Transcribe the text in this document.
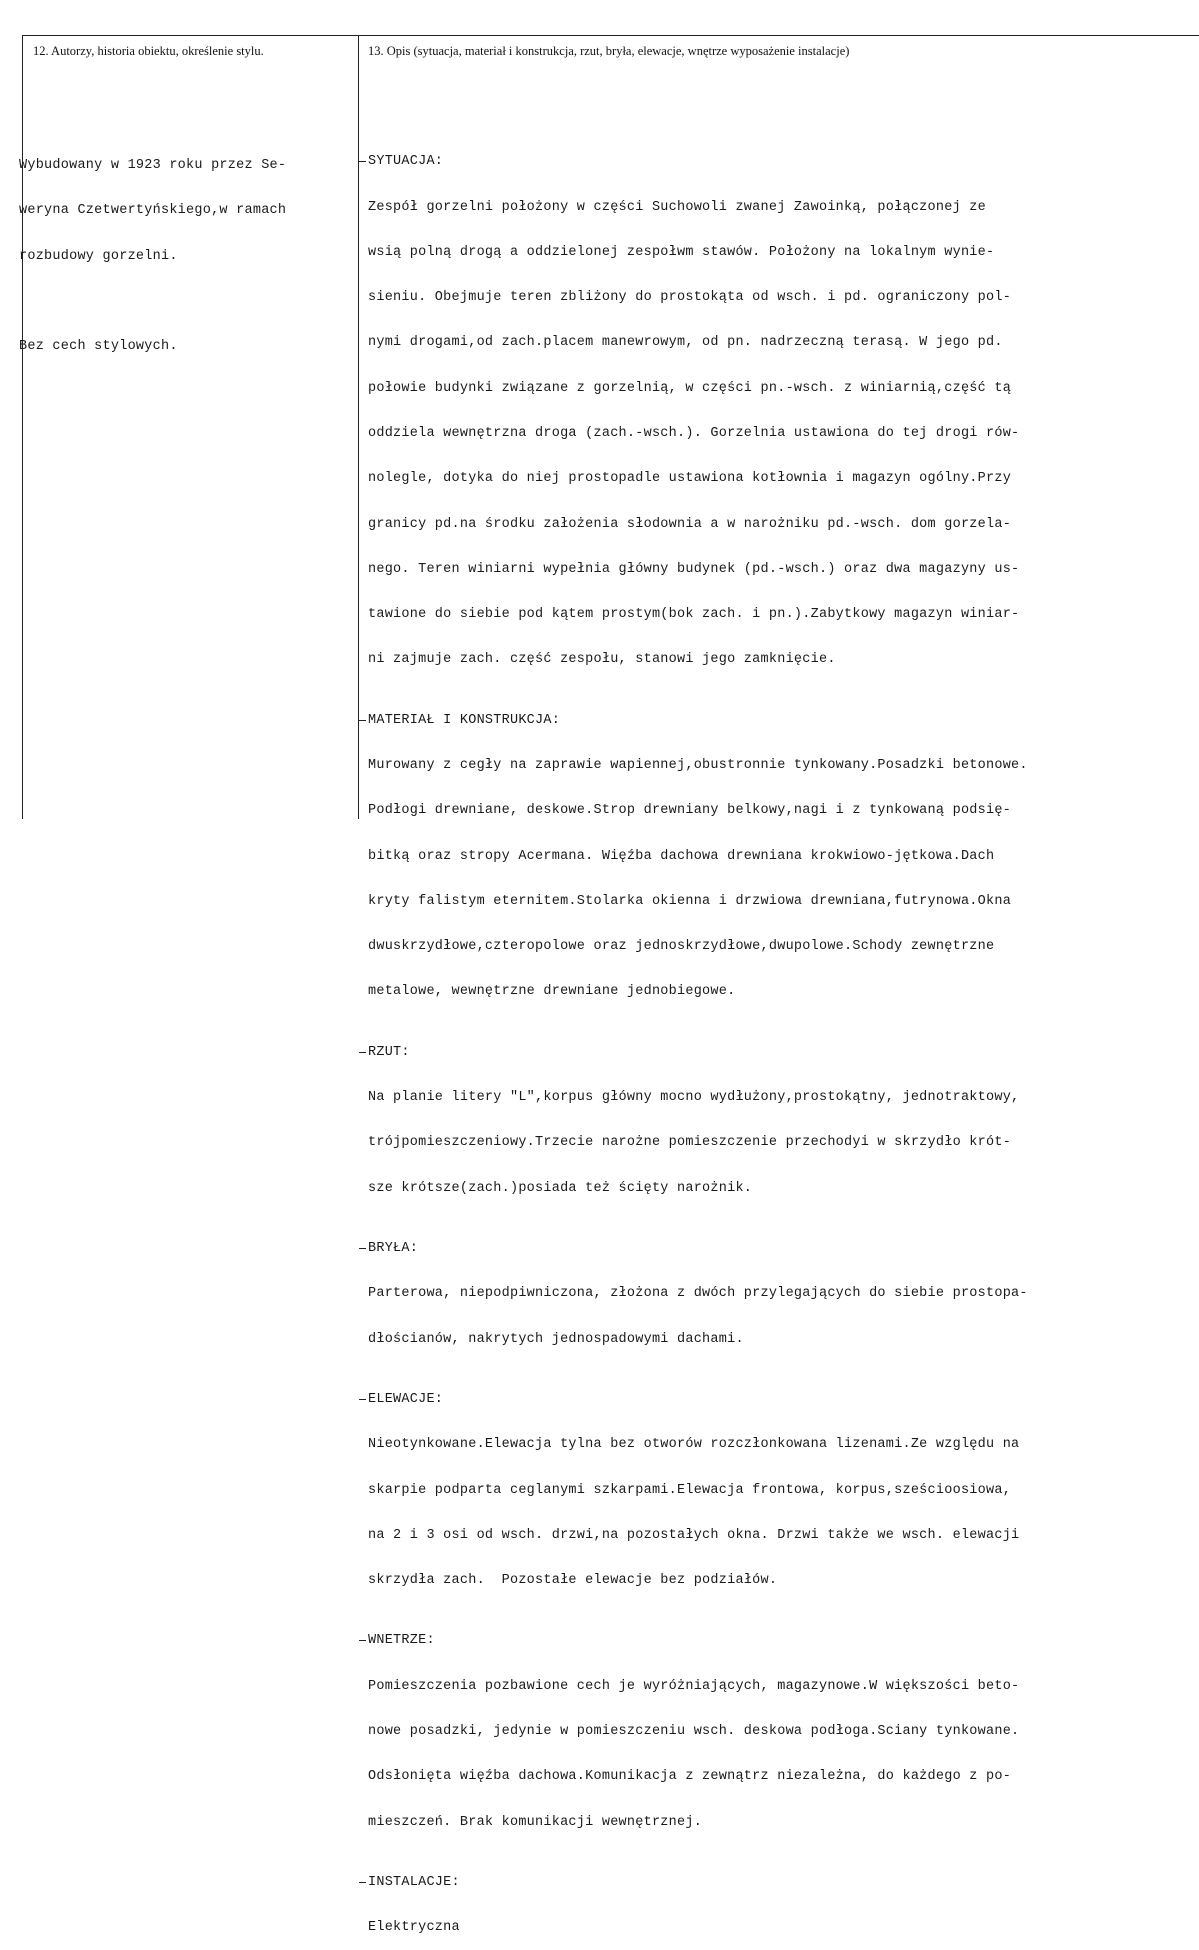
12. Autorzy, historia obiektu, określenie stylu.	13. Opis (sytuacja, materiał i konstrukcja, rzut, bryła, elewacje, wnętrze wyposażenie instalacje)

Wybudowany w 1923 roku przez Se-

weryna Czetwertyńskiego,w ramach

rozbudowy gorzelni.

Bez cech stylowych.

SYTUACJA:

Zespół gorzelni położony w części Suchowoli zwanej Zawoinką, połączonej ze

wsią polną drogą a oddzielonej zespołwm stawów. Położony na lokalnym wynie-

sieniu. Obejmuje teren zbliżony do prostokąta od wsch. i pd. ograniczony pol-

nymi drogami,od zach.placem manewrowym, od pn. nadrzeczną terasą. W jego pd.

połowie budynki związane z gorzelnią, w części pn.-wsch. z winiarnią,część tą

oddziela wewnętrzna droga (zach.-wsch.). Gorzelnia ustawiona do tej drogi rów-

nolegle, dotyka do niej prostopadle ustawiona kotłownia i magazyn ogólny.Przy

granicy pd.na środku założenia słodownia a w narożniku pd.-wsch. dom gorzela-

nego. Teren winiarni wypełnia główny budynek (pd.-wsch.) oraz dwa magazyny us-

tawione do siebie pod kątem prostym(bok zach. i pn.).Zabytkowy magazyn winiar-

ni zajmuje zach. część zespołu, stanowi jego zamknięcie.

MATERIAŁ I KONSTRUKCJA:

Murowany z cegły na zaprawie wapiennej,obustronnie tynkowany.Posadzki betonowe.

Podłogi drewniane, deskowe.Strop drewniany belkowy,nagi i z tynkowaną podsię-

bitką oraz stropy Acermana. Więźba dachowa drewniana krokwiowo-jętkowa.Dach

kryty falistym eternitem.Stolarka okienna i drzwiowa drewniana,futrynowa.Okna

dwuskrzydłowe,czteropolowe oraz jednoskrzydłowe,dwupolowe.Schody zewnętrzne

metalowe, wewnętrzne drewniane jednobiegowe.

RZUT:

Na planie litery "L",korpus główny mocno wydłużony,prostokątny, jednotraktowy,

trójpomieszczeniowy.Trzecie narożne pomieszczenie przechodyi w skrzydło krót-

sze krótsze(zach.)posiada też ścięty narożnik.

BRYŁA:

Parterowa, niepodpiwniczona, złożona z dwóch przylegających do siebie prostopa-

dłościanów, nakrytych jednospadowymi dachami.

ELEWACJE:

Nieotynkowane.Elewacja tylna bez otworów rozczłonkowana lizenami.Ze względu na

skarpie podparta ceglanymi szkarpami.Elewacja frontowa, korpus,sześcioosiowa,

na 2 i 3 osi od wsch. drzwi,na pozostałych okna. Drzwi także we wsch. elewacji

skrzydła zach.  Pozostałe elewacje bez podziałów.

WNETRZE:

Pomieszczenia pozbawione cech je wyróżniających, magazynowe.W większości beto-

nowe posadzki, jedynie w pomieszczeniu wsch. deskowa podłoga.Sciany tynkowane.

Odsłonięta więźba dachowa.Komunikacja z zewnątrz niezależna, do każdego z po-

mieszczeń. Brak komunikacji wewnętrznej.

INSTALACJE:

Elektryczna
